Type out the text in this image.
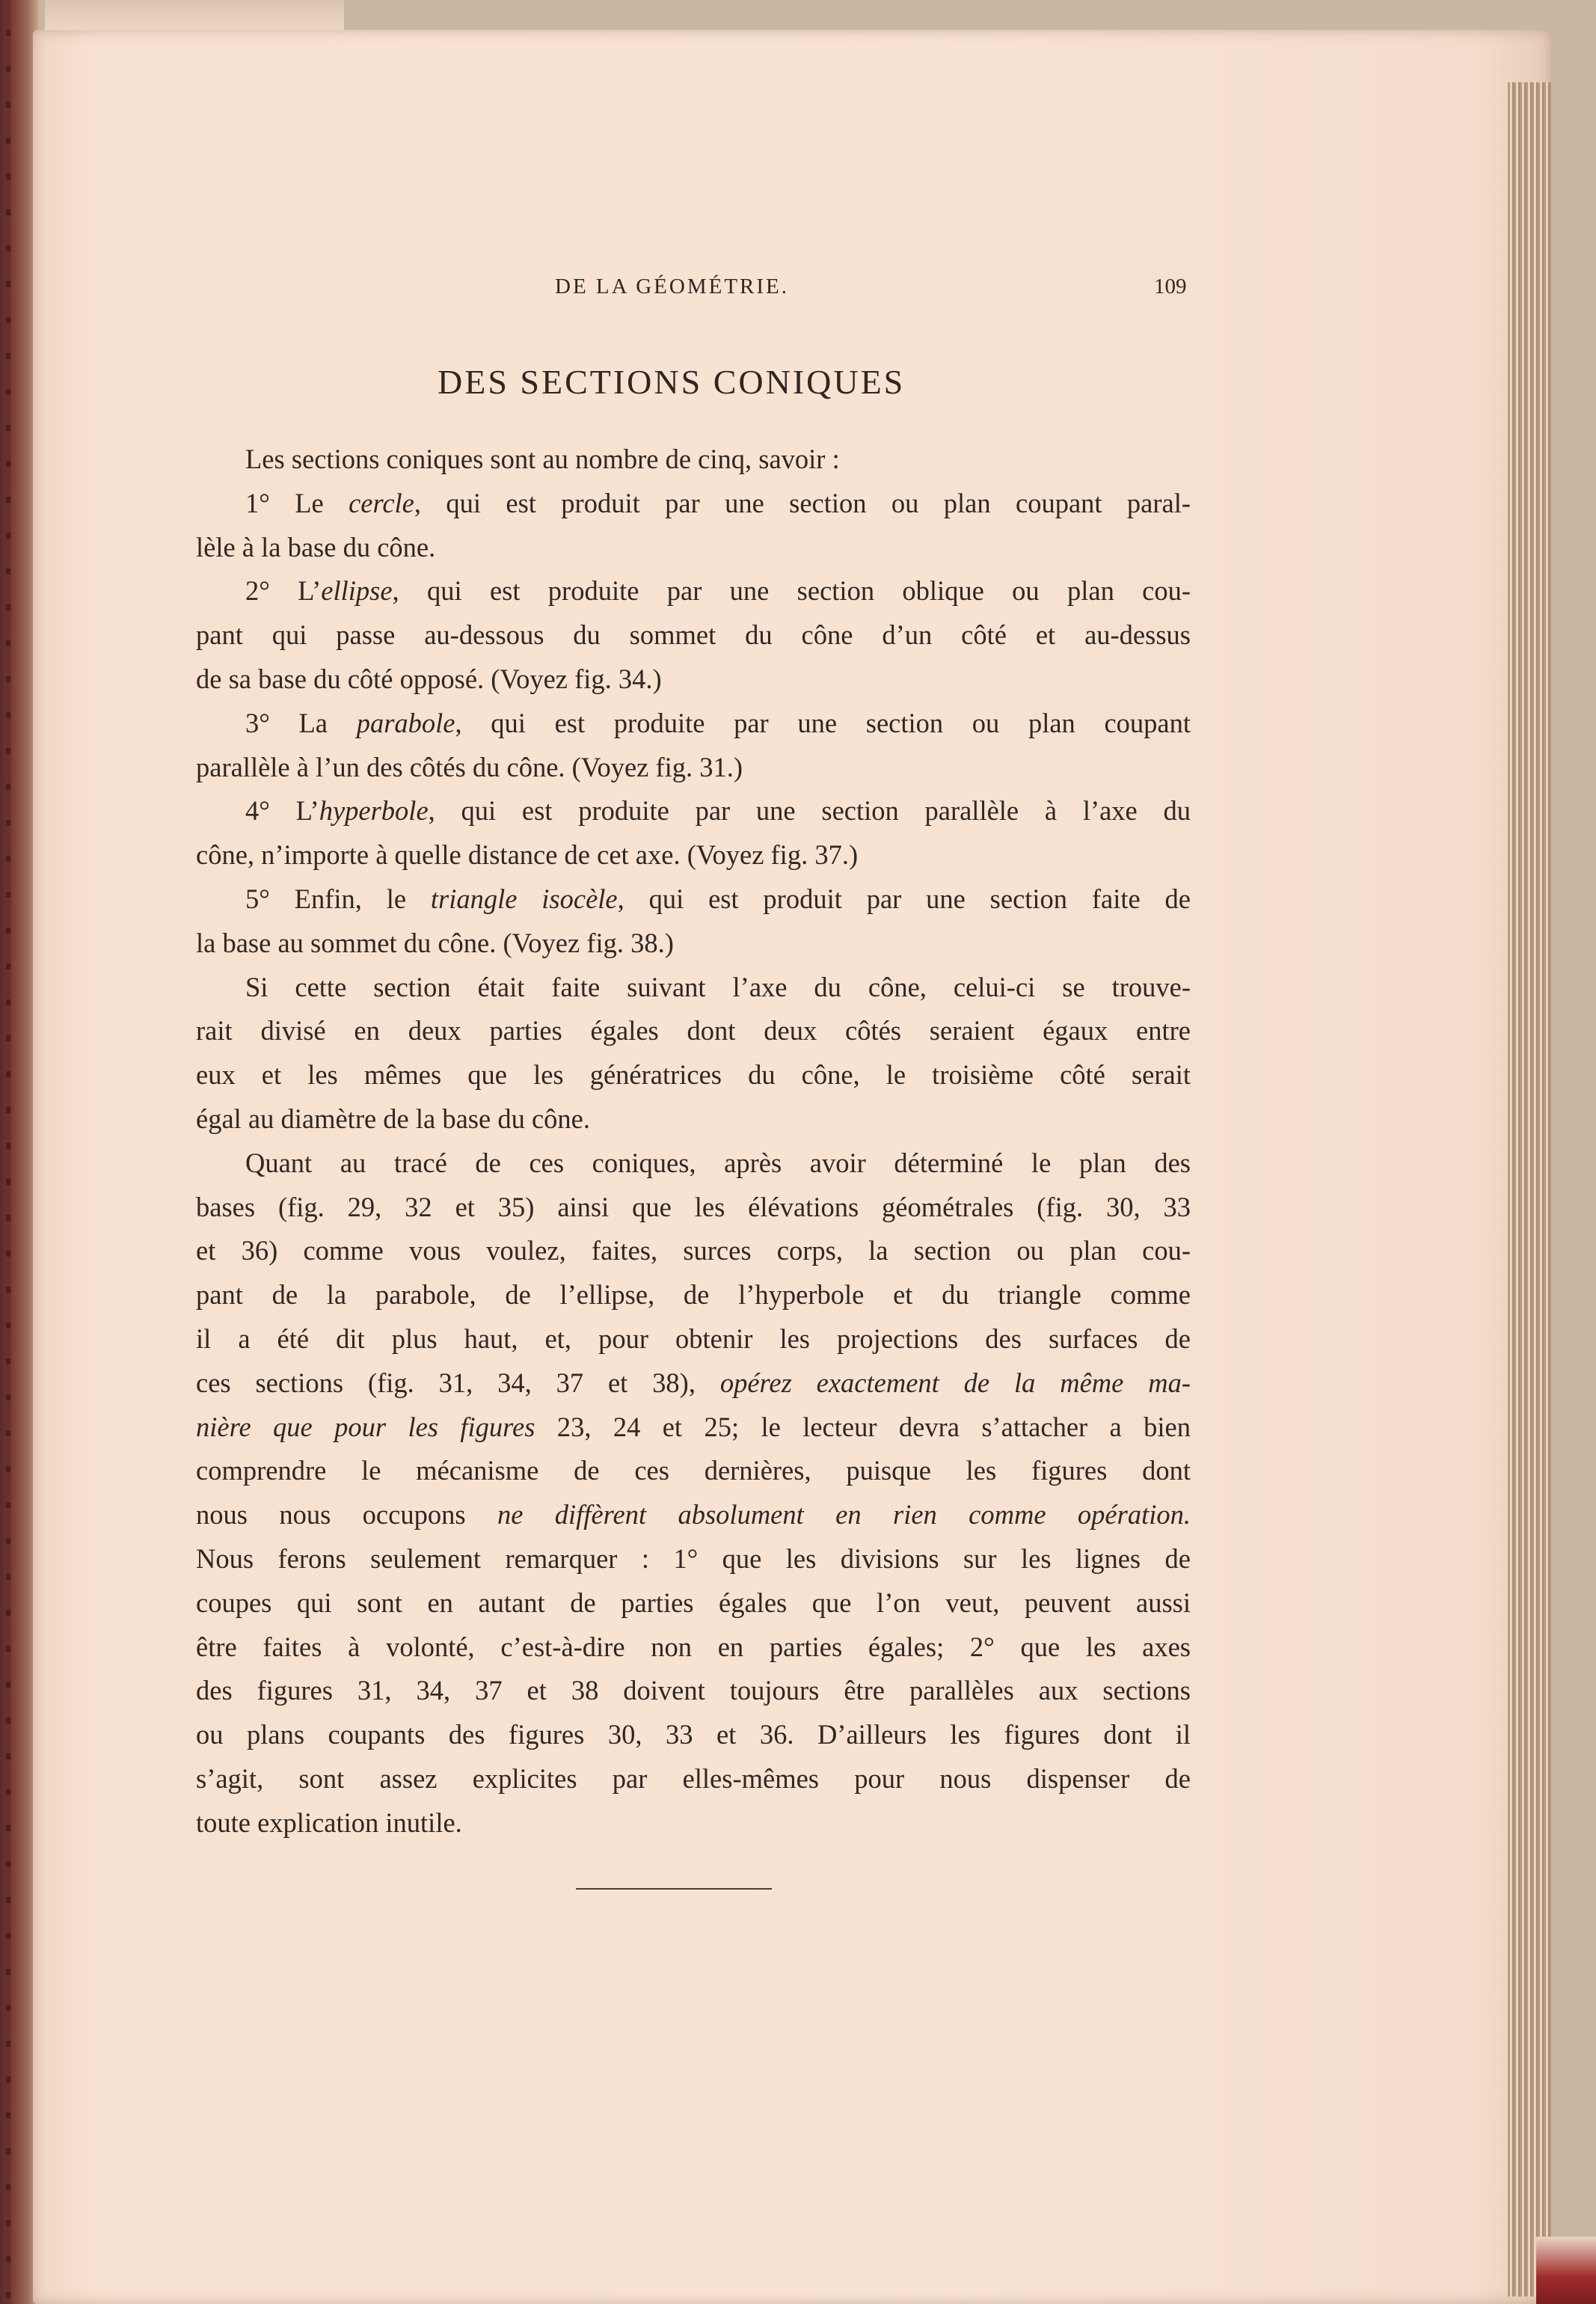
DE LA GÉOMÉTRIE.	109
DES SECTIONS CONIQUES
Les sections coniques sont au nombre de cinq, savoir :
1° Le cercle, qui est produit par une section ou plan coupant paral-
lèle à la base du cône.
2° L’ellipse, qui est produite par une section oblique ou plan cou-
pant qui passe au-dessous du sommet du cône d’un côté et au-dessus
de sa base du côté opposé. (Voyez fig. 34.)
3° La parabole, qui est produite par une section ou plan coupant
parallèle à l’un des côtés du cône. (Voyez fig. 31.)
4° L’hyperbole, qui est produite par une section parallèle à l’axe du
cône, n’importe à quelle distance de cet axe. (Voyez fig. 37.)
5° Enfin, le triangle isocèle, qui est produit par une section faite de
la base au sommet du cône. (Voyez fig. 38.)
Si cette section était faite suivant l’axe du cône, celui-ci se trouve-
rait divisé en deux parties égales dont deux côtés seraient égaux entre
eux et les mêmes que les génératrices du cône, le troisième côté serait
égal au diamètre de la base du cône.
Quant au tracé de ces coniques, après avoir déterminé le plan des
bases (fig. 29, 32 et 35) ainsi que les élévations géométrales (fig. 30, 33
et 36) comme vous voulez, faites, surces corps, la section ou plan cou-
pant de la parabole, de l’ellipse, de l’hyperbole et du triangle comme
il a été dit plus haut, et, pour obtenir les projections des surfaces de
ces sections (fig. 31, 34, 37 et 38), opérez exactement de la même ma-
nière que pour les figures 23, 24 et 25; le lecteur devra s’attacher a bien
comprendre le mécanisme de ces dernières, puisque les figures dont
nous nous occupons ne diffèrent absolument en rien comme opération.
Nous ferons seulement remarquer : 1° que les divisions sur les lignes de
coupes qui sont en autant de parties égales que l’on veut, peuvent aussi
être faites à volonté, c’est-à-dire non en parties égales; 2° que les axes
des figures 31, 34, 37 et 38 doivent toujours être parallèles aux sections
ou plans coupants des figures 30, 33 et 36. D’ailleurs les figures dont il
s’agit, sont assez explicites par elles-mêmes pour nous dispenser de
toute explication inutile.
